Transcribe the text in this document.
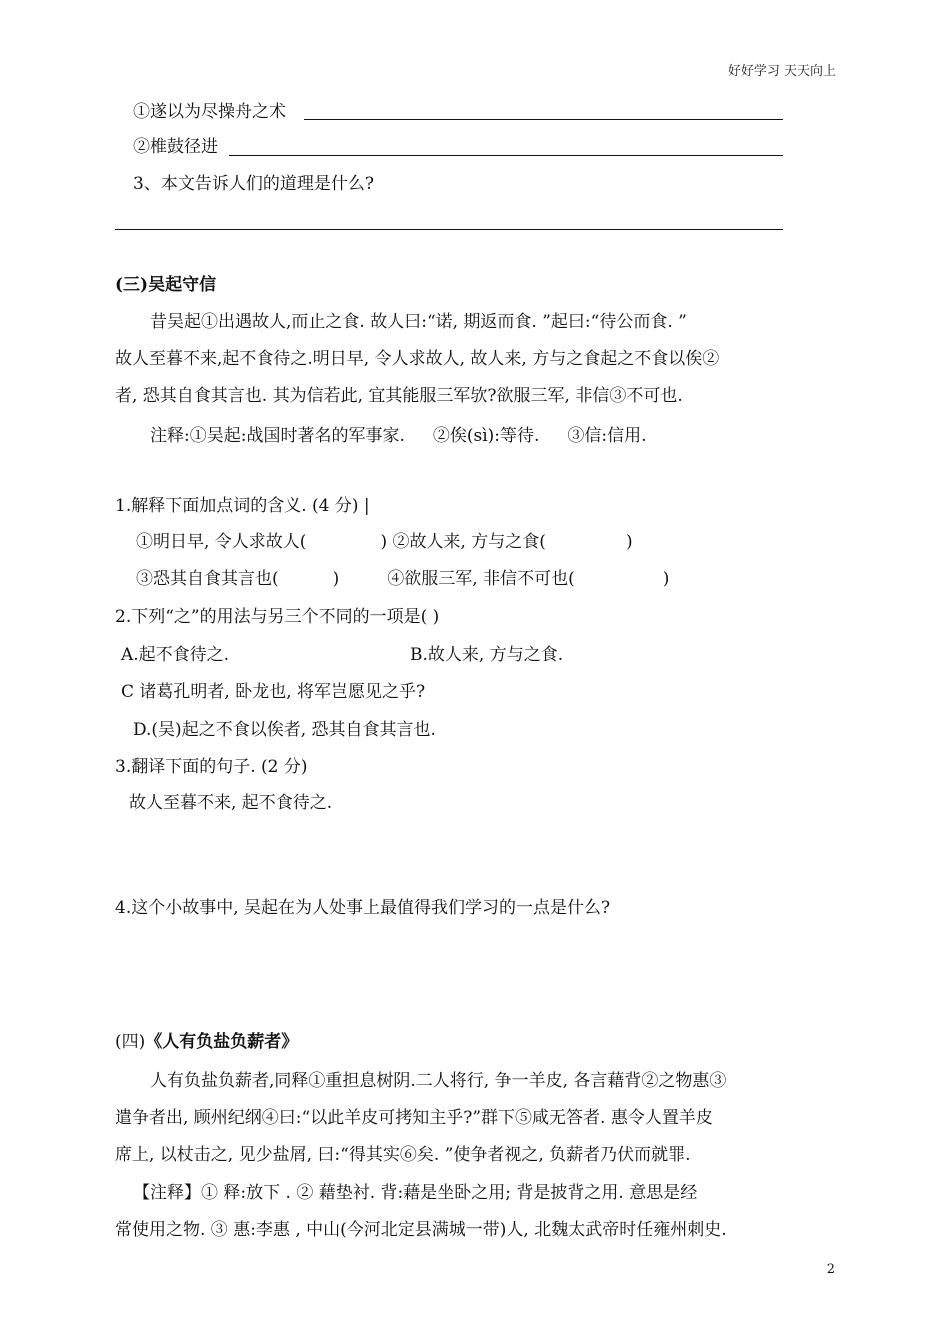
好好学习 天天向上
①遂以为尽操舟之术
②椎鼓径进
3、本文告诉人们的道理是什么?
(三)吴起守信
昔吴起①出遇故人,而止之食. 故人曰:“诺, 期返而食. ”起曰:“待公而食. ”
故人至暮不来,起不食待之.明日早, 令人求故人, 故人来, 方与之食起之不食以俟②
者, 恐其自食其言也. 其为信若此, 宜其能服三军欤?欲服三军, 非信③不可也.
注释:①吴起:战国时著名的军事家. ②俟(sì):等待. ③信:信用.
1.解释下面加点词的含义. (4 分) |
①明日早, 令人求故人(	) ②故人来, 方与之食(	)
③恐其自食其言也(	)	④欲服三军, 非信不可也(	)
2.下列“之”的用法与另三个不同的一项是( )
A.起不食待之.	B.故人来, 方与之食.
C 诸葛孔明者, 卧龙也, 将军岂愿见之乎?
D.(吴)起之不食以俟者, 恐其自食其言也.
3.翻译下面的句子. (2 分)
故人至暮不来, 起不食待之.
4.这个小故事中, 吴起在为人处事上最值得我们学习的一点是什么?
(四)《人有负盐负薪者》
人有负盐负薪者,同释①重担息树阴.二人将行, 争一羊皮, 各言藉背②之物惠③
遣争者出, 顾州纪纲④曰:“以此羊皮可拷知主乎?”群下⑤咸无答者. 惠令人置羊皮
席上, 以杖击之, 见少盐屑, 曰:“得其实⑥矣. ”使争者视之, 负薪者乃伏而就罪.
【注释】① 释:放下 . ② 藉垫衬. 背:藉是坐卧之用; 背是披背之用. 意思是经
常使用之物. ③ 惠:李惠 , 中山(今河北定县满城一带)人, 北魏太武帝时任雍州刺史.
2
